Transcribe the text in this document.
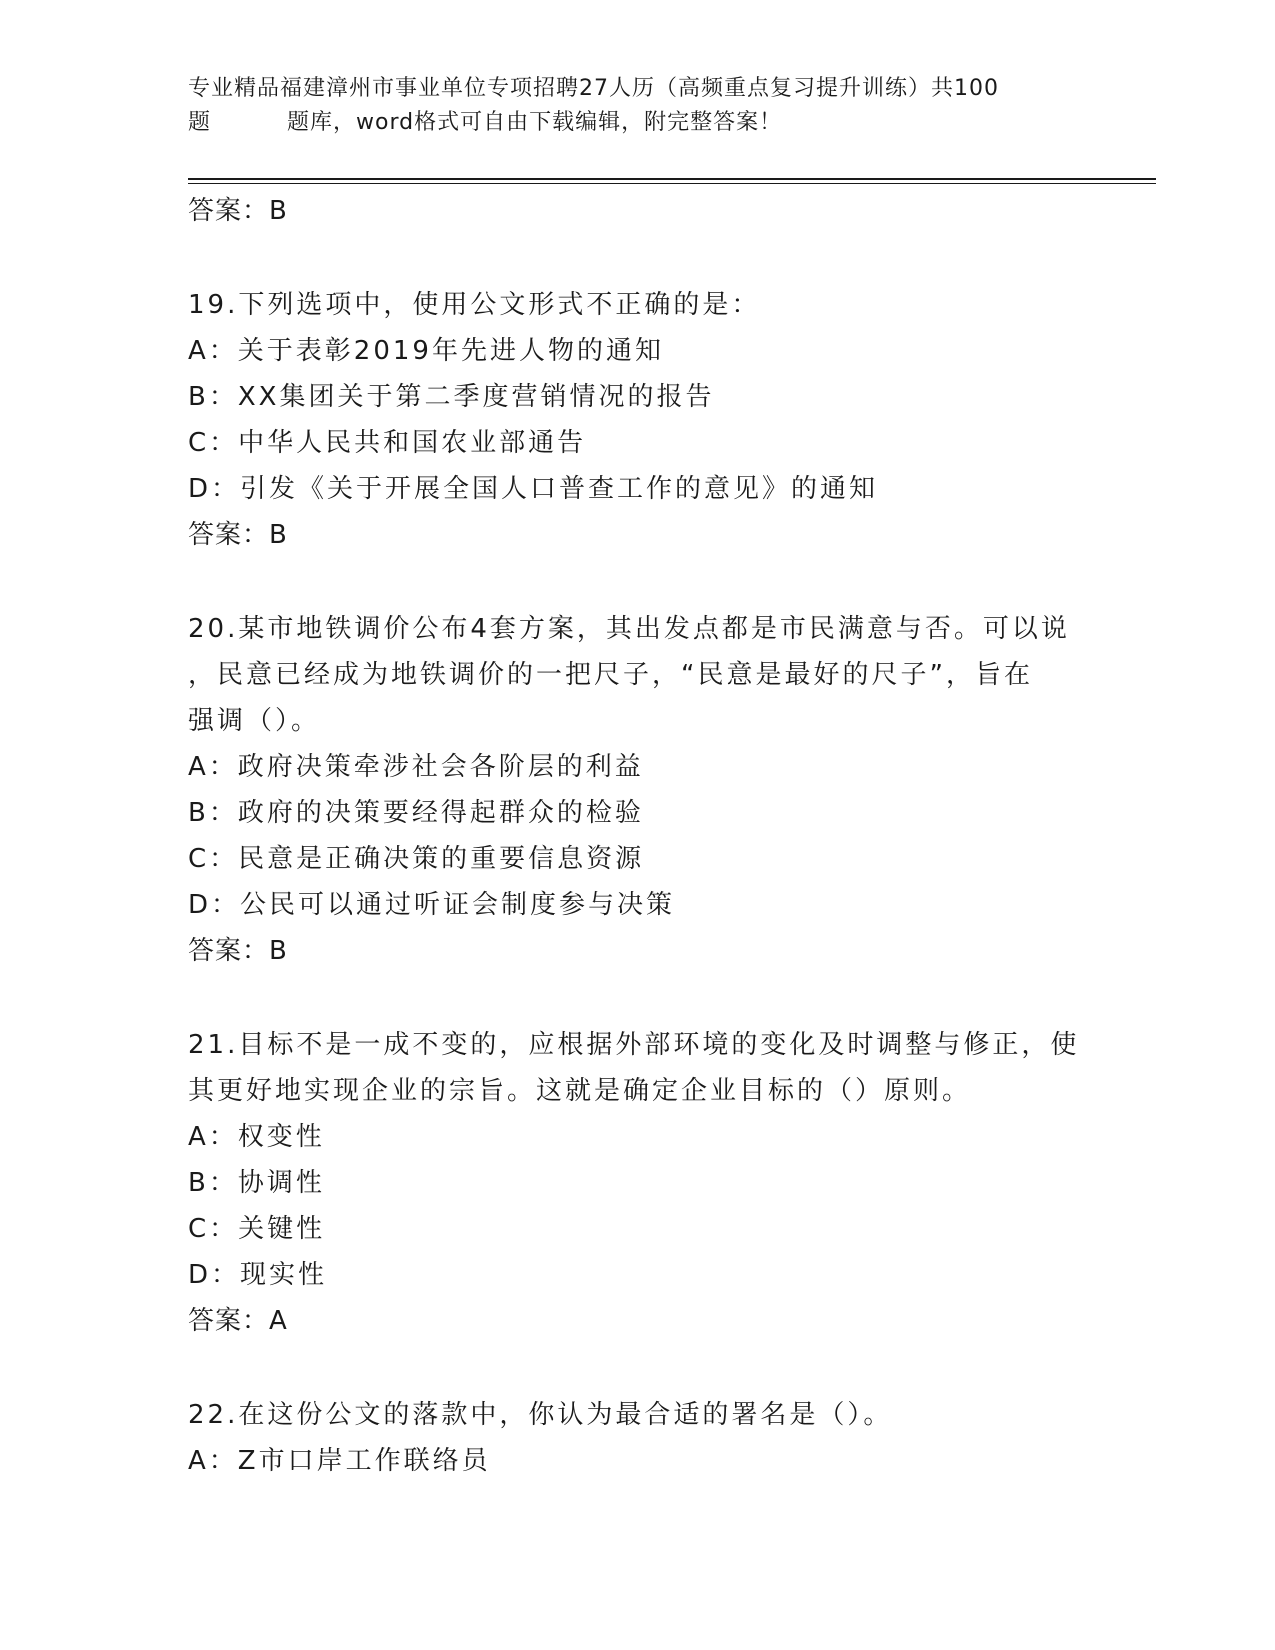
专业精品福建漳州市事业单位专项招聘27人历（高频重点复习提升训练）共100
题	题库，word格式可自由下载编辑，附完整答案！

答案：B

19.下列选项中，使用公文形式不正确的是：

A：关于表彰2019年先进人物的通知

B：XX集团关于第二季度营销情况的报告

C：中华人民共和国农业部通告

D：引发《关于开展全国人口普查工作的意见》的通知

答案：B

20.某市地铁调价公布4套方案，其出发点都是市民满意与否。可以说

，民意已经成为地铁调价的一把尺子，“民意是最好的尺子”，旨在

强调（）。

A：政府决策牵涉社会各阶层的利益

B：政府的决策要经得起群众的检验

C：民意是正确决策的重要信息资源

D：公民可以通过听证会制度参与决策

答案：B

21.目标不是一成不变的，应根据外部环境的变化及时调整与修正，使

其更好地实现企业的宗旨。这就是确定企业目标的（）原则。

A：权变性

B：协调性

C：关键性

D：现实性

答案：A

22.在这份公文的落款中，你认为最合适的署名是（）。

A：Z市口岸工作联络员
